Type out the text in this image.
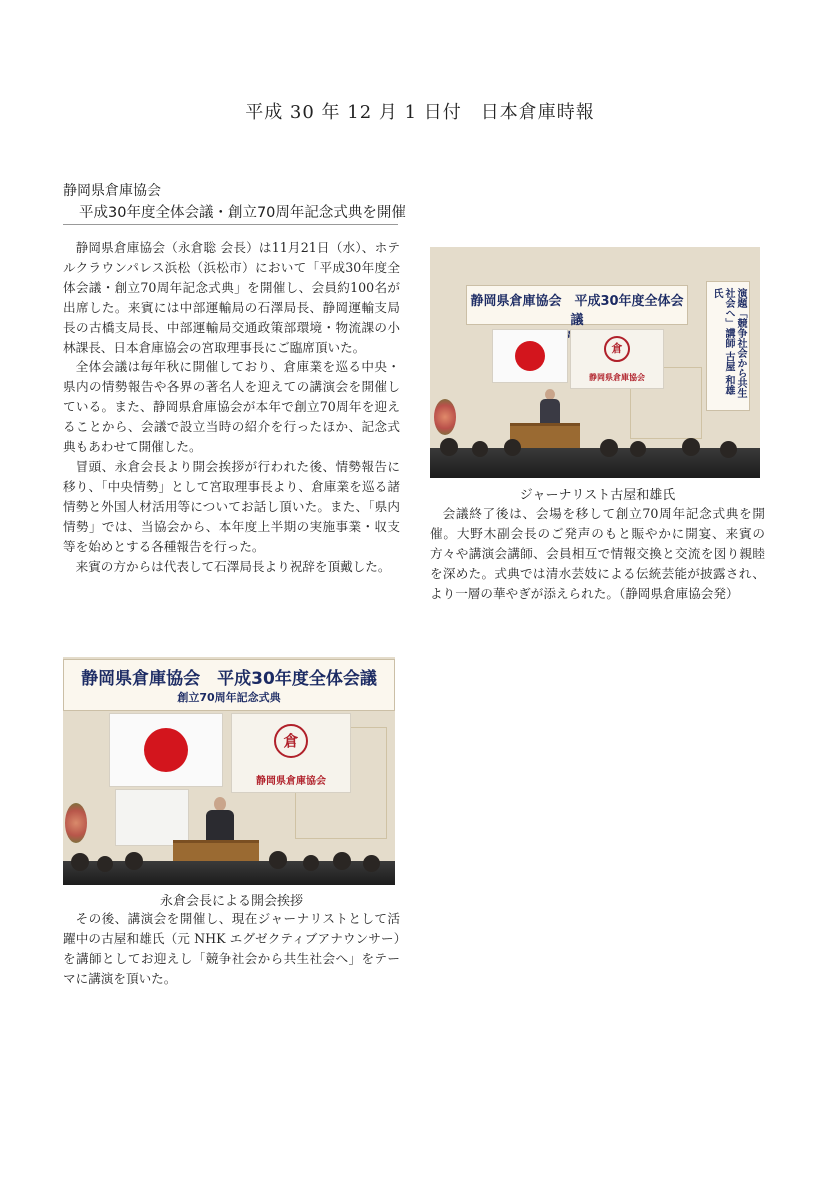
平成 30 年 12 月 1 日付　日本倉庫時報
静岡県倉庫協会
平成30年度全体会議・創立70周年記念式典を開催

静岡県倉庫協会（永倉聡 会長）は11月21日（水）、ホテルクラウンパレス浜松（浜松市）において「平成30年度全体会議・創立70周年記念式典」を開催し、会員約100名が出席した。来賓には中部運輸局の石澤局長、静岡運輸支局長の古橋支局長、中部運輸局交通政策部環境・物流課の小林課長、日本倉庫協会の宮取理事長にご臨席頂いた。

全体会議は毎年秋に開催しており、倉庫業を巡る中央・県内の情勢報告や各界の著名人を迎えての講演会を開催している。また、静岡県倉庫協会が本年で創立70周年を迎えることから、会議で設立当時の紹介を行ったほか、記念式典もあわせて開催した。

冒頭、永倉会長より開会挨拶が行われた後、情勢報告に移り、「中央情勢」として宮取理事長より、倉庫業を巡る諸情勢と外国人材活用等についてお話し頂いた。また、「県内情勢」では、当協会から、本年度上半期の実施事業・収支等を始めとする各種報告を行った。

来賓の方からは代表して石澤局長より祝辞を頂戴した。

静岡県倉庫協会　平成30年度全体会議
創立70周年記念式典
倉
静岡県倉庫協会
永倉会長による開会挨拶

その後、講演会を開催し、現在ジャーナリストとして活躍中の古屋和雄氏（元 NHK エグゼクティブアナウンサー）を講師としてお迎えし「競争社会から共生社会へ」をテーマに講演を頂いた。

静岡県倉庫協会　平成30年度全体会議
倉
静岡県倉庫協会	演題「競争社会から共生社会へ」講師 古屋 和雄 氏
ジャーナリスト古屋和雄氏

会議終了後は、会場を移して創立70周年記念式典を開催。大野木副会長のご発声のもと賑やかに開宴、来賓の方々や講演会講師、会員相互で情報交換と交流を図り親睦を深めた。式典では清水芸妓による伝統芸能が披露され、より一層の華やぎが添えられた。（静岡県倉庫協会発）
